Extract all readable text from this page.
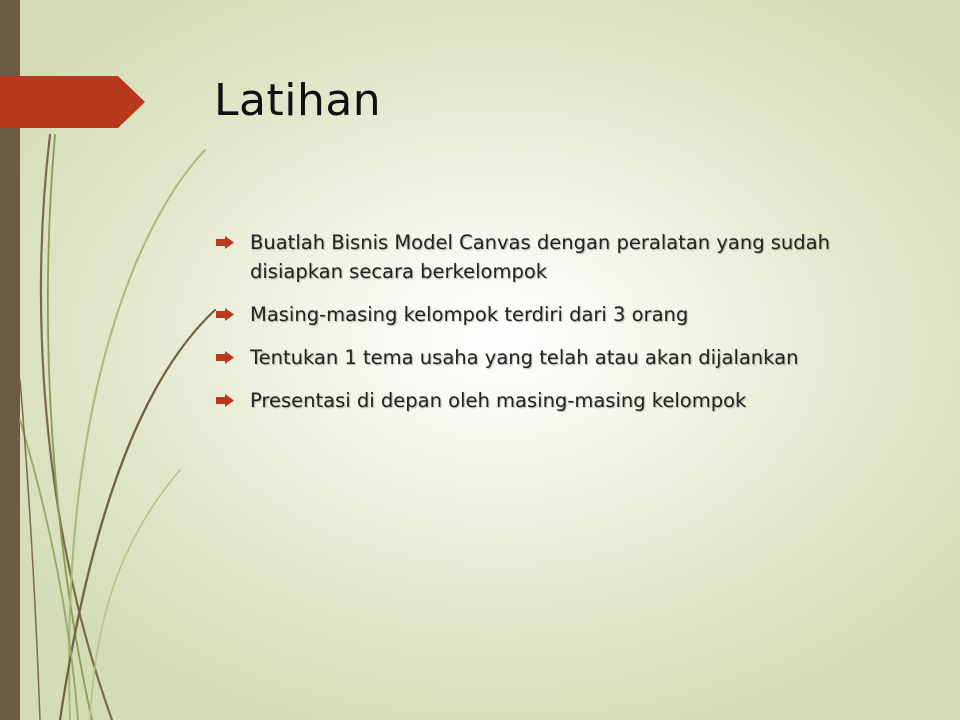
Latihan
Buatlah Bisnis Model Canvas dengan peralatan yang sudah disiapkan secara berkelompok
Masing-masing kelompok terdiri dari 3 orang
Tentukan 1 tema usaha yang telah atau akan dijalankan
Presentasi di depan oleh masing-masing kelompok
